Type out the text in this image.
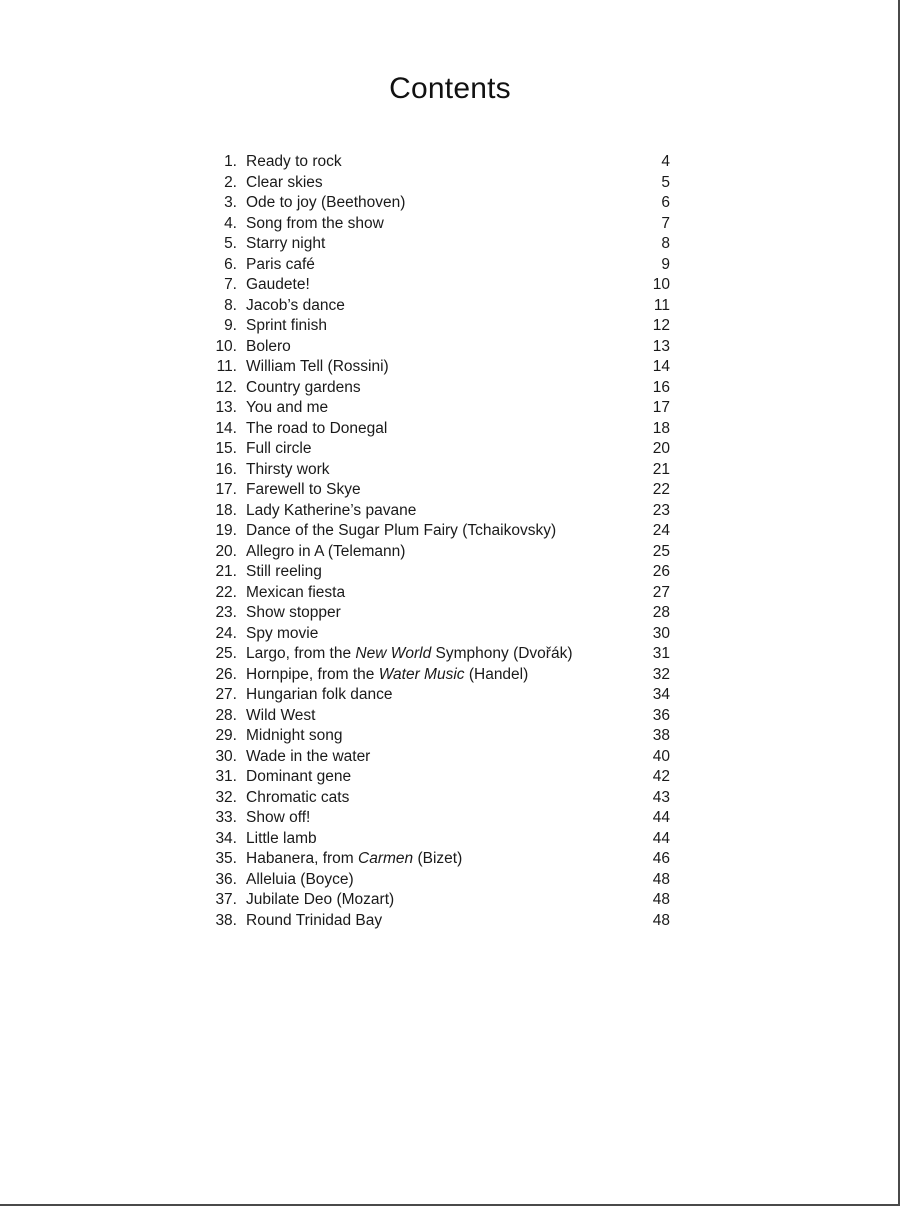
Contents
1. Ready to rock	4
2. Clear skies	5
3. Ode to joy (Beethoven)	6
4. Song from the show	7
5. Starry night	8
6. Paris café	9
7. Gaudete!	10
8. Jacob’s dance	11
9. Sprint finish	12
10. Bolero	13
11. William Tell (Rossini)	14
12. Country gardens	16
13. You and me	17
14. The road to Donegal	18
15. Full circle	20
16. Thirsty work	21
17. Farewell to Skye	22
18. Lady Katherine’s pavane	23
19. Dance of the Sugar Plum Fairy (Tchaikovsky)	24
20. Allegro in A (Telemann)	25
21. Still reeling	26
22. Mexican fiesta	27
23. Show stopper	28
24. Spy movie	30
25. Largo, from the New World Symphony (Dvořák)	31
26. Hornpipe, from the Water Music (Handel)	32
27. Hungarian folk dance	34
28. Wild West	36
29. Midnight song	38
30. Wade in the water	40
31. Dominant gene	42
32. Chromatic cats	43
33. Show off!	44
34. Little lamb	44
35. Habanera, from Carmen (Bizet)	46
36. Alleluia (Boyce)	48
37. Jubilate Deo (Mozart)	48
38. Round Trinidad Bay	48
